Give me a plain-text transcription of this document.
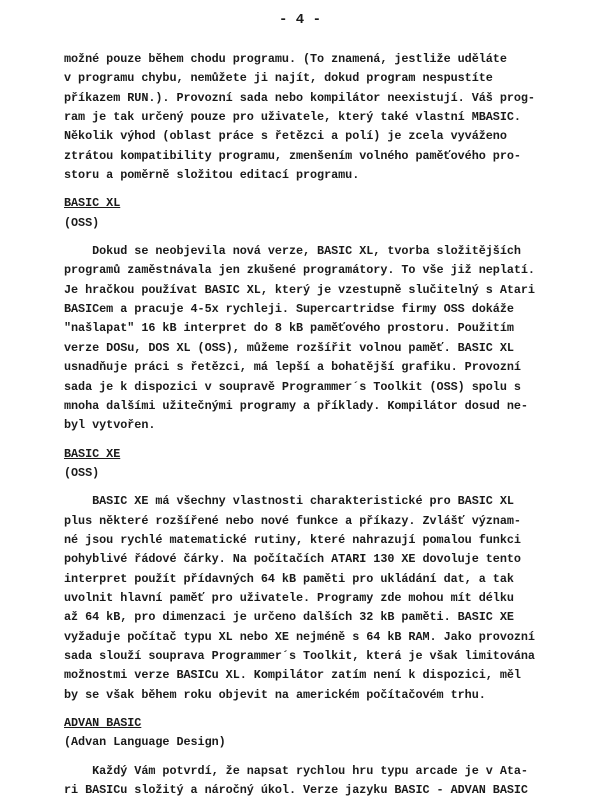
- 4 -
možné pouze během chodu programu. (To znamená, jestliže uděláte
v programu chybu, nemůžete ji najít, dokud program nespustíte
příkazem RUN.). Provozní sada nebo kompilátor neexistují. Váš prog-
ram je tak určený pouze pro uživatele, který také vlastní MBASIC.
Několik výhod (oblast práce s řetězci a polí) je zcela vyváženo
ztrátou kompatibility programu, zmenšením volného paměťového pro-
storu a poměrně složitou editací programu.
BASIC XL
(OSS)
Dokud se neobjevila nová verze, BASIC XL, tvorba složitějších
programů zaměstnávala jen zkušené programátory. To vše již neplatí.
Je hračkou používat BASIC XL, který je vzestupně slučitelný s Atari
BASICem a pracuje 4-5x rychleji. Supercartridse firmy OSS dokáže
"našlapat" 16 kB interpret do 8 kB paměťového prostoru. Použitím
verze DOSu, DOS XL (OSS), můžeme rozšířit volnou paměť. BASIC XL
usnadňuje práci s řetězci, má lepší a bohatější grafiku. Provozní
sada je k dispozici v soupravě Programmer´s Toolkit (OSS) spolu s
mnoha dalšími užitečnými programy a příklady. Kompilátor dosud ne-
byl vytvořen.
BASIC XE
(OSS)
BASIC XE má všechny vlastnosti charakteristické pro BASIC XL
plus některé rozšířené nebo nové funkce a příkazy. Zvlášť význam-
né jsou rychlé matematické rutiny, které nahrazují pomalou funkci
pohyblivé řádové čárky. Na počítačích ATARI 130 XE dovoluje tento
interpret použít přídavných 64 kB paměti pro ukládání dat, a tak
uvolnit hlavní paměť pro uživatele. Programy zde mohou mít délku
až 64 kB, pro dimenzaci je určeno dalších 32 kB paměti. BASIC XE
vyžaduje počítač typu XL nebo XE nejméně s 64 kB RAM. Jako provozní
sada slouží souprava Programmer´s Toolkit, která je však limitována
možnostmi verze BASICu XL. Kompilátor zatím není k dispozici, měl
by se však během roku objevit na americkém počítačovém trhu.
ADVAN BASIC
(Advan Language Design)
Každý Vám potvrdí, že napsat rychlou hru typu arcade je v Ata-
ri BASICu složitý a náročný úkol. Verze jazyku BASIC - ADVAN BASIC
